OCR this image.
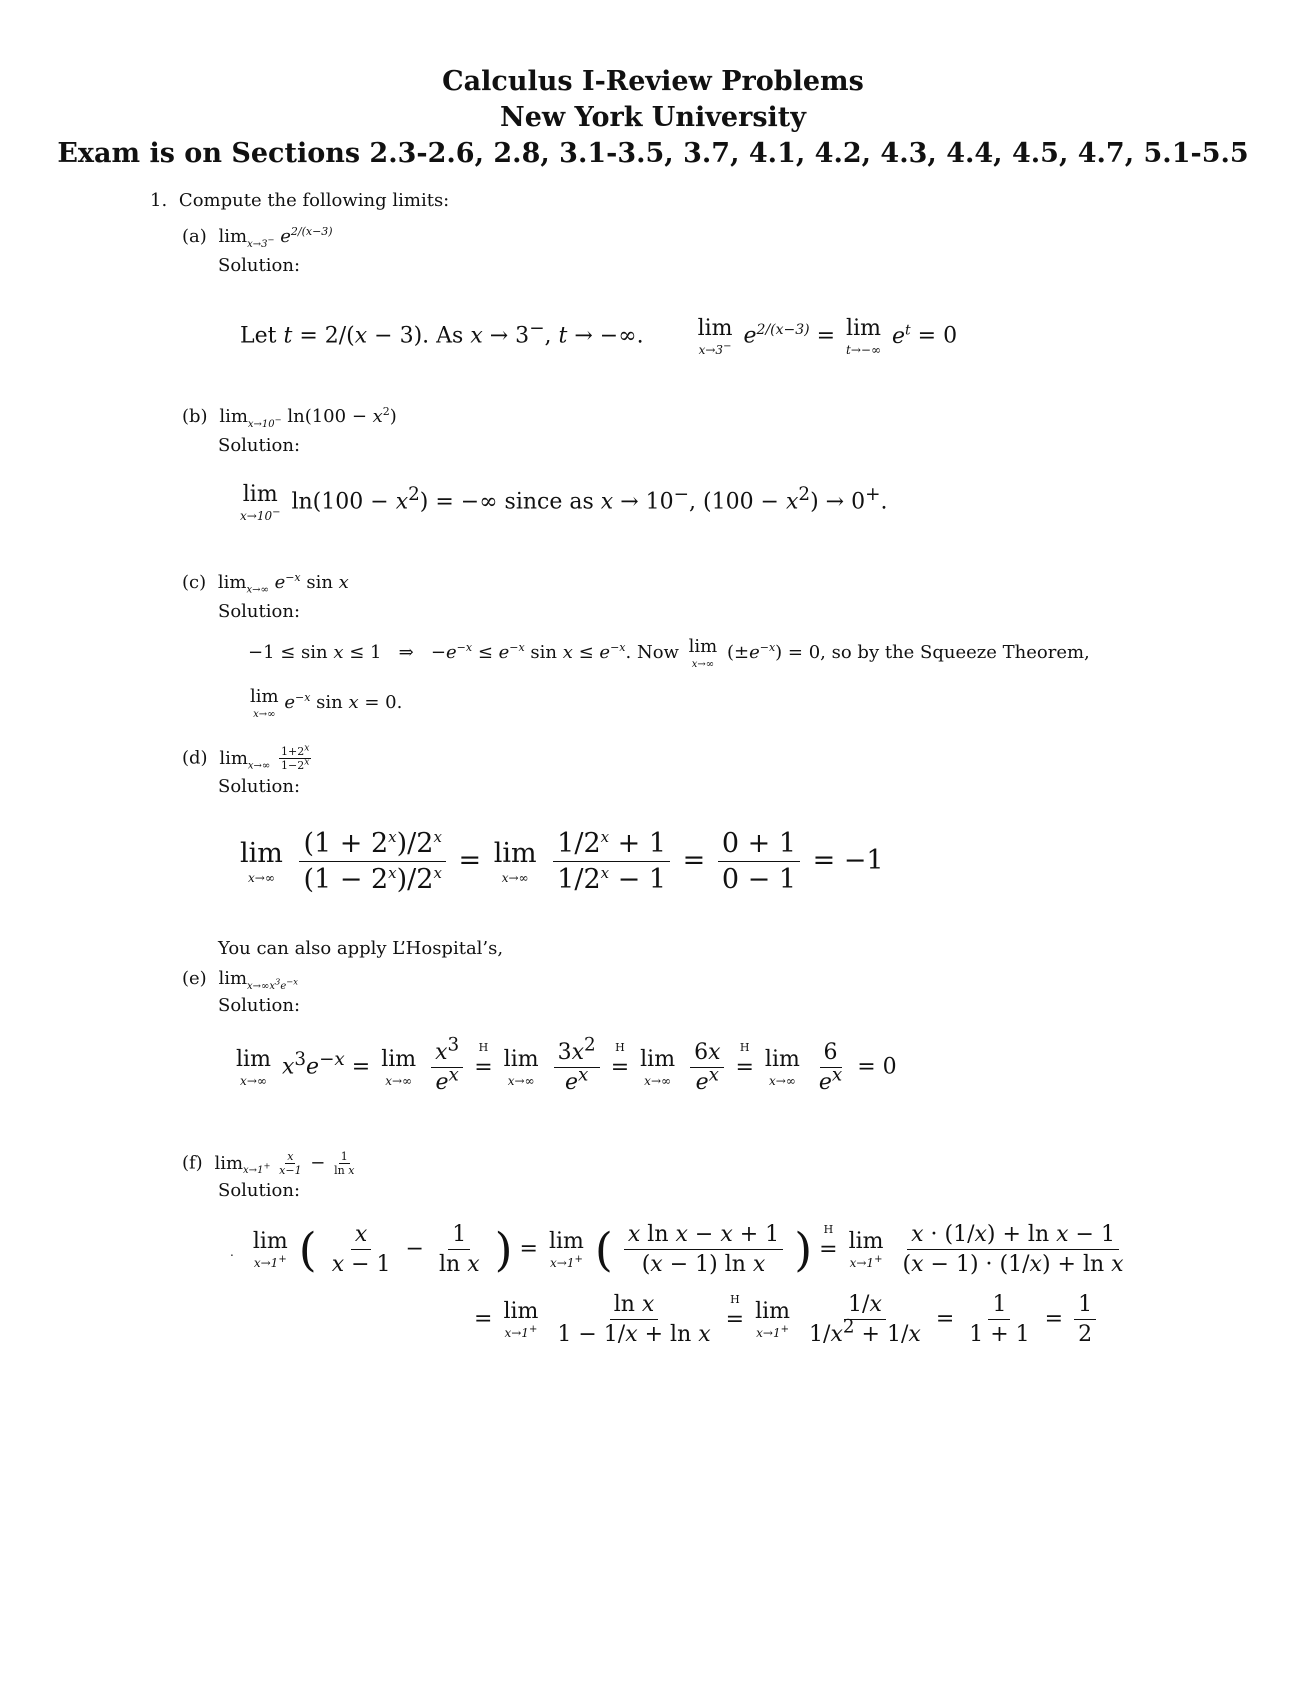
Calculus I-Review Problems
New York University
Exam is on Sections 2.3-2.6, 2.8, 3.1-3.5, 3.7, 4.1, 4.2, 4.3, 4.4, 4.5, 4.7, 5.1-5.5
1. Compute the following limits:
(a) $\lim_{x\to 3^-} e^{2/(x-3)}$
Solution:
Let t = 2/(x − 3). As x → 3−, t → −∞. lim
x→3− $e^{2/(x-3)} = \lim$
t→−∞
$e^t = 0$
(b) $\lim_{x\to 10^-} \ln(100 - x^2)$
Solution:
lim
x→10− $\ln(100 - x^2)$ = −∞ since as x → 10−, $(100 - x^2) \to 0^+$.
(c) $\lim_{x\to\infty} e^{-x}$ sin x
Solution:
−1 ≤ sin x ≤ 1   ⇒   $-e^{-x} \le e^{-x}$ $\sin x \le e^{-x}$. Now lim
x→∞
$(\pm e^{-x}) = 0$, so by the Squeeze Theorem,
lim
x→∞
$e^{-x}$ sin x = 0.
(d) $\lim_{x\to\infty} \frac{1+2^x}{1-2^x}$
Solution:
lim
x→∞
$\frac{(1 + 2^x)/2^x}{(1 - 2^x)/2^x} = \lim$
x→∞
$\frac{1/2^x + 1}{1/2^x - 1} = \frac{0 + 1}{0 - 1} = -1$
You can also apply L’Hospital’s,
(e) $\lim_{x\to\infty x^3e^{-x}}$
Solution:
lim
x→∞
$x^3e^{-x} = \lim$
x→∞
$\frac{x^3}{e^x}$
	H
= lim
x→∞
$\frac{3x^2}{e^x}$
	H
= lim
x→∞
$\frac{6x}{e^x}$
	H
= lim
x→∞
$\frac{6}{e^x} = 0$
(f) $\lim_{x\to 1^+} \frac{x}{x-1} - \frac{1}{\text{ln x}}$
Solution:
. lim
x→1+ ( $\frac{x}{x - 1} - \frac{1}{\text{ln x}}$ ) = lim
x→1+ ( $\frac{\text{x ln x − x + 1}}{\text{(x − 1) ln x}}$ )	H
= lim
x→1+
$\frac{\text{x · (1/x) + ln x − 1}}{\text{(x − 1) · (1/x) + ln x}}$
= lim
x→1+
$\frac{\text{ln x}}{\text{1 − 1/x + ln x}}$
	H
= lim
x→1+
$\frac{1/x}{1/x^2 + 1/x} = \frac{1}{1 + 1} = \frac{1}{2}$
